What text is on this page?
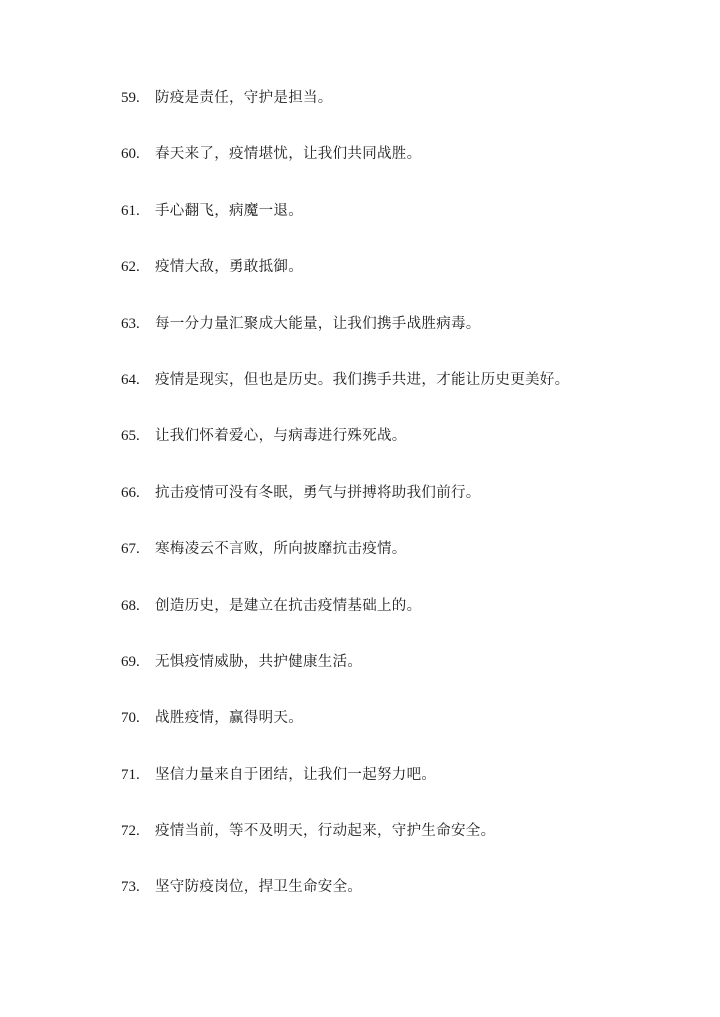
59.	防疫是责任，守护是担当。
60.	春天来了，疫情堪忧，让我们共同战胜。
61.	手心翻飞，病魔一退。
62.	疫情大敌，勇敢抵御。
63.	每一分力量汇聚成大能量，让我们携手战胜病毒。
64.	疫情是现实，但也是历史。我们携手共进，才能让历史更美好。
65.	让我们怀着爱心，与病毒进行殊死战。
66.	抗击疫情可没有冬眠，勇气与拼搏将助我们前行。
67.	寒梅凌云不言败，所向披靡抗击疫情。
68.	创造历史，是建立在抗击疫情基础上的。
69.	无惧疫情威胁，共护健康生活。
70.	战胜疫情，赢得明天。
71.	坚信力量来自于团结，让我们一起努力吧。
72.	疫情当前，等不及明天，行动起来，守护生命安全。
73.	坚守防疫岗位，捍卫生命安全。
